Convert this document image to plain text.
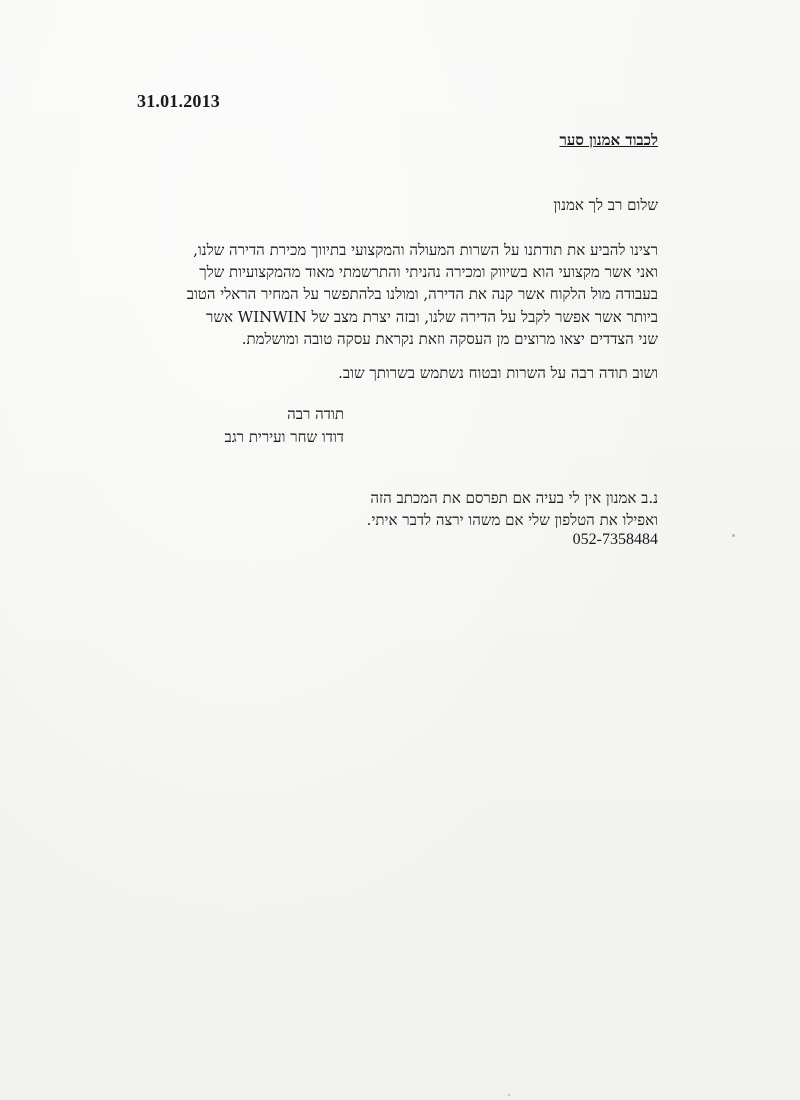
31.01.2013
לכבוד אמנון סער
שלום רב לך אמנון
רצינו להביע את תודתנו על השרות המעולה והמקצועי בתיווך מכירת הדירה שלנו,
ואני אשר מקצועי הוא בשיווק ומכירה נהניתי והתרשמתי מאוד מהמקצועיות שלך
בעבודה מול הלקוח אשר קנה את הדירה, ומולנו בלהתפשר על המחיר הראלי הטוב
ביותר אשר אפשר לקבל על הדירה שלנו, ובזה יצרת מצב של WINWIN אשר
שני הצדדים יצאו מרוצים מן העסקה וזאת נקראת עסקה טובה ומושלמת.
ושוב תודה רבה על השרות ובטוח נשתמש בשרותך שוב.
תודה רבה
דודו שחר ועירית רגב
נ.ב אמנון אין לי בעיה אם תפרסם את המכתב הזה
ואפילו את הטלפון שלי אם משהו ירצה לדבר איתי.
052-7358484
